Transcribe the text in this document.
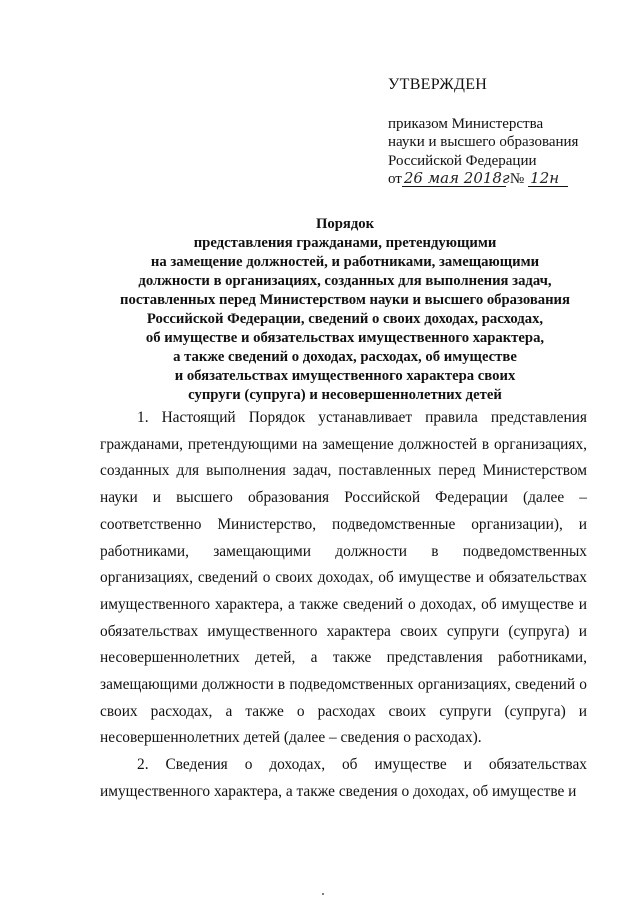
УТВЕРЖДЕН
приказом Министерства
науки и высшего образования
Российской Федерации
от 26 мая 2018г № 12н
Порядок
представления гражданами, претендующими
на замещение должностей, и работниками, замещающими
должности в организациях, созданных для выполнения задач,
поставленных перед Министерством науки и высшего образования
Российской Федерации, сведений о своих доходах, расходах,
об имуществе и обязательствах имущественного характера,
а также сведений о доходах, расходах, об имуществе
и обязательствах имущественного характера своих
супруги (супруга) и несовершеннолетних детей

1. Настоящий Порядок устанавливает правила представления гражданами, претендующими на замещение должностей в организациях, созданных для выполнения задач, поставленных перед Министерством науки и высшего образования Российской Федерации (далее – соответственно Министерство, подведомственные организации), и работниками, замещающими должности в подведомственных организациях, сведений о своих доходах, об имуществе и обязательствах имущественного характера, а также сведений о доходах, об имуществе и обязательствах имущественного характера своих супруги (супруга) и несовершеннолетних детей, а также представления работниками, замещающими должности в подведомственных организациях, сведений о своих расходах, а также о расходах своих супруги (супруга) и несовершеннолетних детей (далее – сведения о расходах).

2. Сведения о доходах, об имуществе и обязательствах имущественного характера, а также сведения о доходах, об имуществе и
